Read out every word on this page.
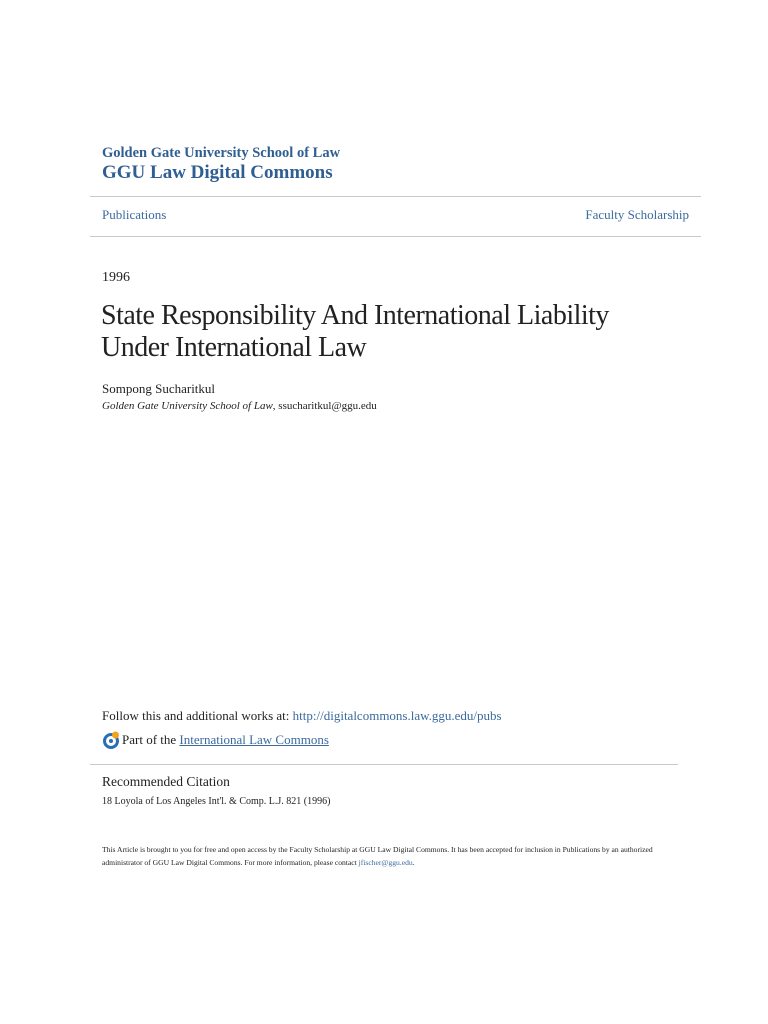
Golden Gate University School of Law
GGU Law Digital Commons
Publications	Faculty Scholarship
1996
State Responsibility And International Liability
Under International Law
Sompong Sucharitkul
Golden Gate University School of Law, ssucharitkul@ggu.edu
Follow this and additional works at: http://digitalcommons.law.ggu.edu/pubs
Part of the
International Law Commons
Recommended Citation
18 Loyola of Los Angeles Int'l. & Comp. L.J. 821 (1996)
This Article is brought to you for free and open access by the Faculty Scholarship at GGU Law Digital Commons. It has been accepted for inclusion in Publications by an authorized administrator of GGU Law Digital Commons. For more information, please contact jfischer@ggu.edu.
